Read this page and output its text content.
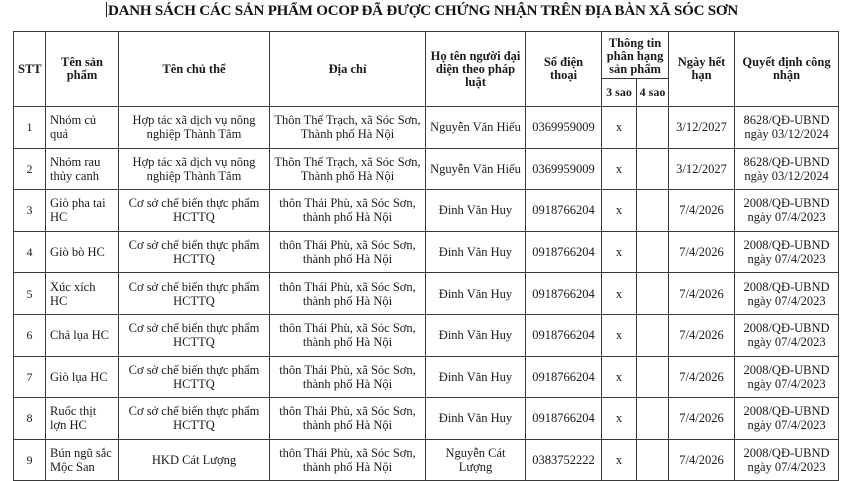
DANH SÁCH CÁC SẢN PHẨM OCOP ĐÃ ĐƯỢC CHỨNG NHẬN TRÊN ĐỊA BÀN XÃ SÓC SƠN
STT	Tên sản phẩm	Tên chủ thể	Địa chỉ	Họ tên người đại diện theo pháp luật	Số điện thoại	Thông tin phân hạng sản phẩm		Ngày hết hạn	Quyết định công nhận
						3 sao	4 sao		
1	Nhóm củ quả	Hợp tác xã dịch vụ nông nghiệp Thành Tâm	Thôn Thế Trạch, xã Sóc Sơn, Thành phố Hà Nội	Nguyễn Văn Hiếu	0369959009	x		3/12/2027	8628/QĐ-UBND
ngày 03/12/2024

2	Nhóm rau thủy canh	Hợp tác xã dịch vụ nông nghiệp Thành Tâm	Thôn Thế Trạch, xã Sóc Sơn, Thành phố Hà Nội	Nguyễn Văn Hiếu	0369959009	x		3/12/2027	8628/QĐ-UBND
ngày 03/12/2024

3	Giò pha tai HC	Cơ sở chế biến thực phẩm HCTTQ	thôn Thái Phù, xã Sóc Sơn, thành phố Hà Nội	Đinh Văn Huy	0918766204	x		7/4/2026	2008/QĐ-UBND
ngày 07/4/2023

4	Giò bò HC	Cơ sở chế biến thực phẩm HCTTQ	thôn Thái Phù, xã Sóc Sơn, thành phố Hà Nội	Đinh Văn Huy	0918766204	x		7/4/2026	2008/QĐ-UBND
ngày 07/4/2023

5	Xúc xích HC	Cơ sở chế biến thực phẩm HCTTQ	thôn Thái Phù, xã Sóc Sơn, thành phố Hà Nội	Đinh Văn Huy	0918766204	x		7/4/2026	2008/QĐ-UBND
ngày 07/4/2023

6	Chả lụa HC	Cơ sở chế biến thực phẩm HCTTQ	thôn Thái Phù, xã Sóc Sơn, thành phố Hà Nội	Đinh Văn Huy	0918766204	x		7/4/2026	2008/QĐ-UBND
ngày 07/4/2023

7	Giò lụa HC	Cơ sở chế biến thực phẩm HCTTQ	thôn Thái Phù, xã Sóc Sơn, thành phố Hà Nội	Đinh Văn Huy	0918766204	x		7/4/2026	2008/QĐ-UBND
ngày 07/4/2023

8	Ruốc thịt lợn HC	Cơ sở chế biến thực phẩm HCTTQ	thôn Thái Phù, xã Sóc Sơn, thành phố Hà Nội	Đinh Văn Huy	0918766204	x		7/4/2026	2008/QĐ-UBND
ngày 07/4/2023

9	Bún ngũ sắc Mộc San	HKD Cát Lượng	thôn Thái Phù, xã Sóc Sơn, thành phố Hà Nội	Nguyễn Cát Lượng	0383752222	x		7/4/2026	2008/QĐ-UBND
ngày 07/4/2023
